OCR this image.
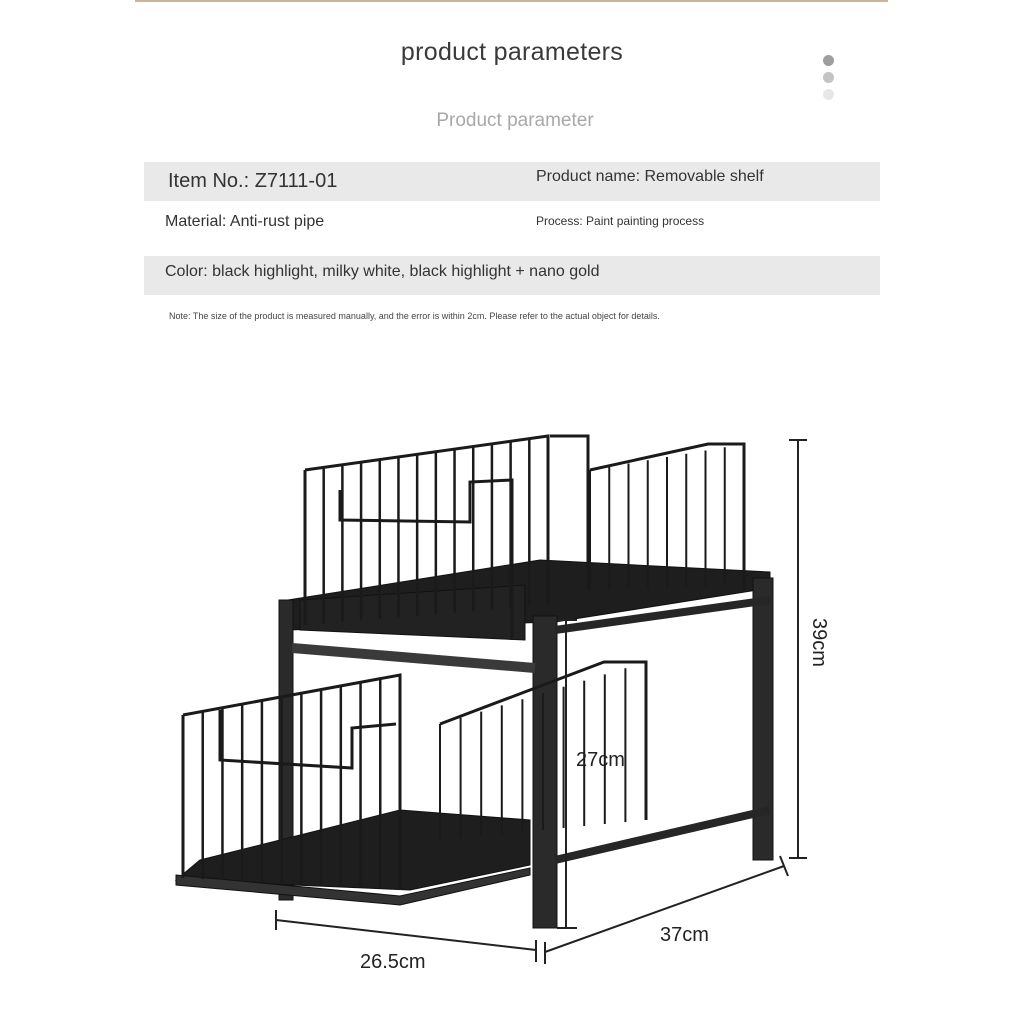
product parameters
Product parameter
Item No.: Z7111-01	Product name: Removable shelf
Material: Anti-rust pipe	Process: Paint painting process
Color: black highlight, milky white, black highlight + nano gold
Note: The size of the product is measured manually, and the error is within 2cm. Please refer to the actual object for details.
39cm
27cm
37cm
26.5cm
